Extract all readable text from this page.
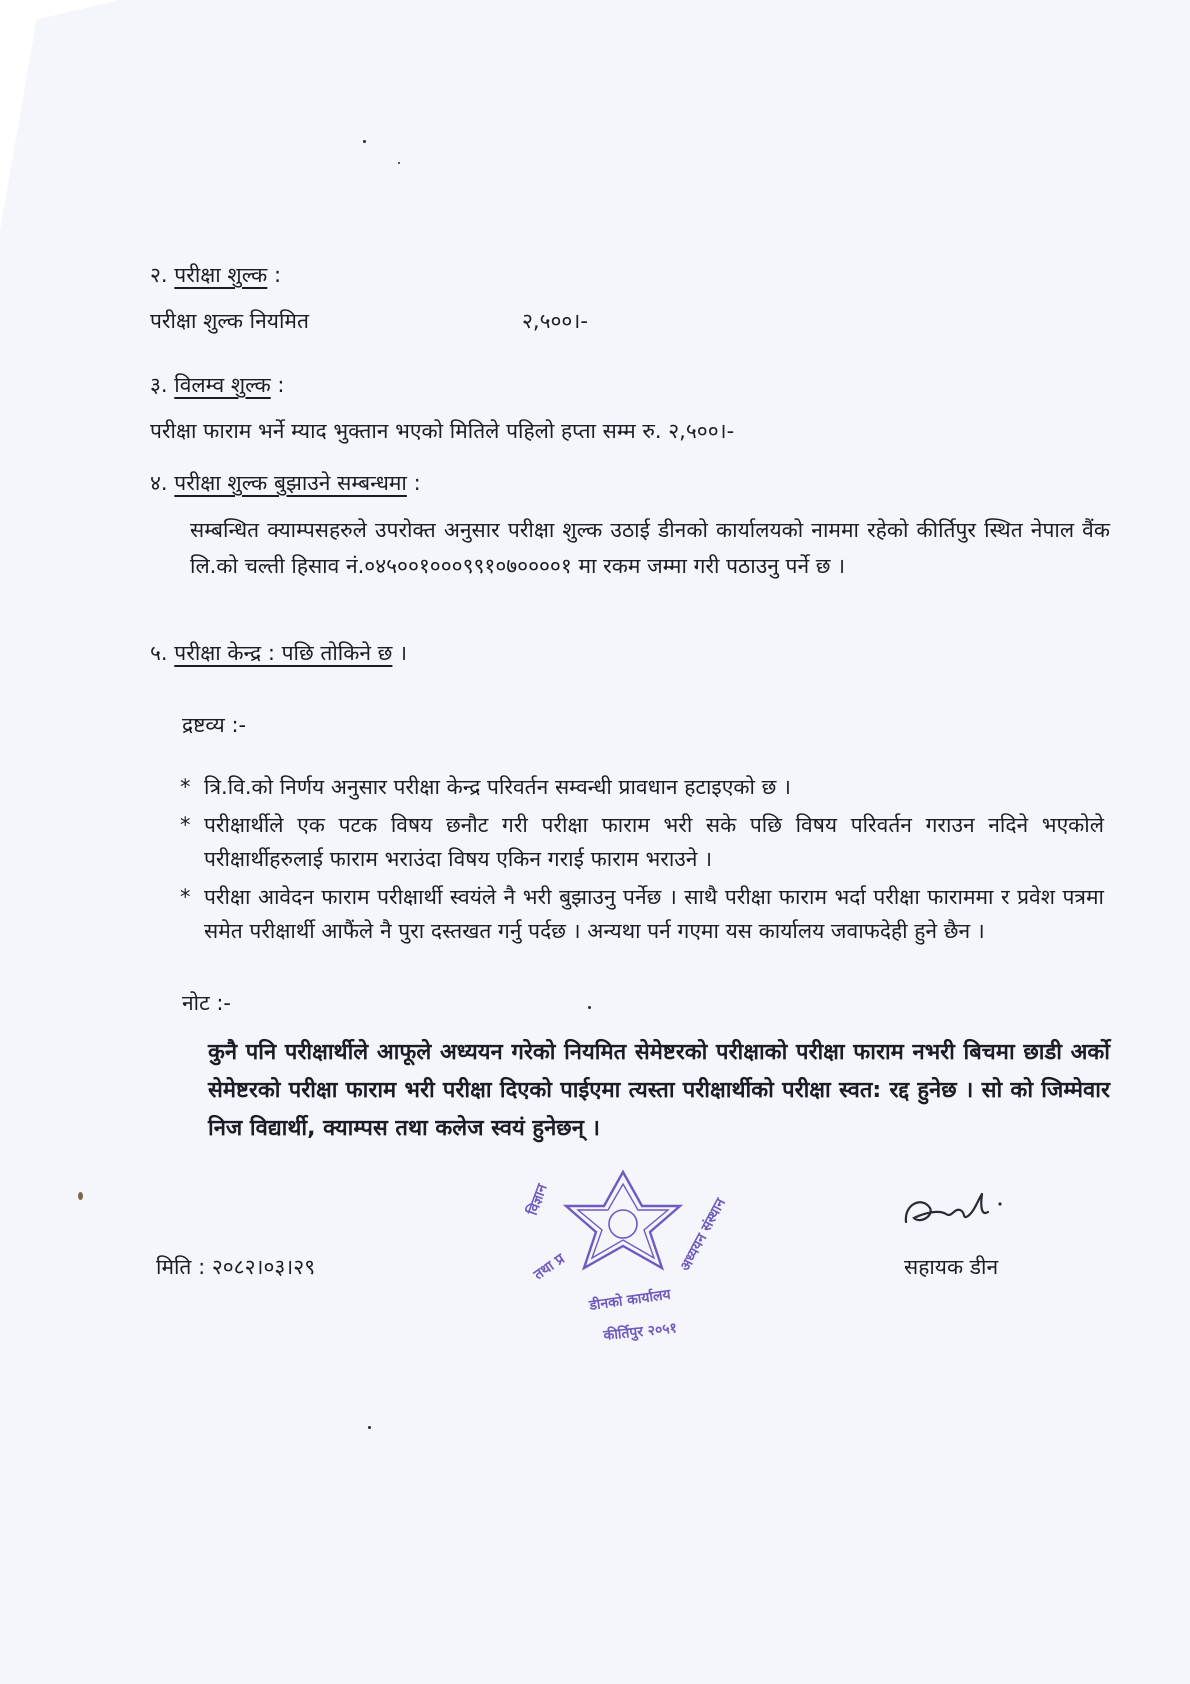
२. परीक्षा शुल्क :
परीक्षा शुल्क नियमित	२,५००।-
३. विलम्व शुल्क :
परीक्षा फाराम भर्ने म्याद भुक्तान भएको मितिले पहिलो हप्ता सम्म रु. २,५००।-
४. परीक्षा शुल्क बुझाउने सम्बन्धमा :
सम्बन्धित क्याम्पसहरुले उपरोक्त अनुसार परीक्षा शुल्क उठाई डीनको कार्यालयको नाममा रहेको कीर्तिपुर स्थित नेपाल वैंक लि.को चल्ती हिसाव नं.०४५००१०००९९१०७००००१ मा रकम जम्मा गरी पठाउनु पर्ने छ ।
५. परीक्षा केन्द्र : पछि तोकिने छ ।
द्रष्टव्य :-
* त्रि.वि.को निर्णय अनुसार परीक्षा केन्द्र परिवर्तन सम्वन्धी प्रावधान हटाइएको छ ।
* परीक्षार्थीले एक पटक विषय छनौट गरी परीक्षा फाराम भरी सके पछि विषय परिवर्तन गराउन नदिने भएकोले परीक्षार्थीहरुलाई फाराम भराउंदा विषय एकिन गराई फाराम भराउने ।
* परीक्षा आवेदन फाराम परीक्षार्थी स्वयंले नै भरी बुझाउनु पर्नेछ । साथै परीक्षा फाराम भर्दा परीक्षा फाराममा र प्रवेश पत्रमा समेत परीक्षार्थी आफैंले नै पुरा दस्तखत गर्नु पर्दछ । अन्यथा पर्न गएमा यस कार्यालय जवाफदेही हुने छैन ।
नोट :-
कुनै पनि परीक्षार्थीले आफूले अध्ययन गरेको नियमित सेमेष्टरको परीक्षाको परीक्षा फाराम नभरी बिचमा छाडी अर्को सेमेष्टरको परीक्षा फाराम भरी परीक्षा दिएको पाईएमा त्यस्ता परीक्षार्थीको परीक्षा स्वत: रद्द हुनेछ । सो को जिम्मेवार निज विद्यार्थी, क्याम्पस तथा कलेज स्वयं हुनेछन् ।
मिति : २०८२।०३।२९	सहायक डीन
विज्ञान
तथा प्र
डीनको कार्यालय
कीर्तिपुर २०५१
अध्ययन संस्थान
